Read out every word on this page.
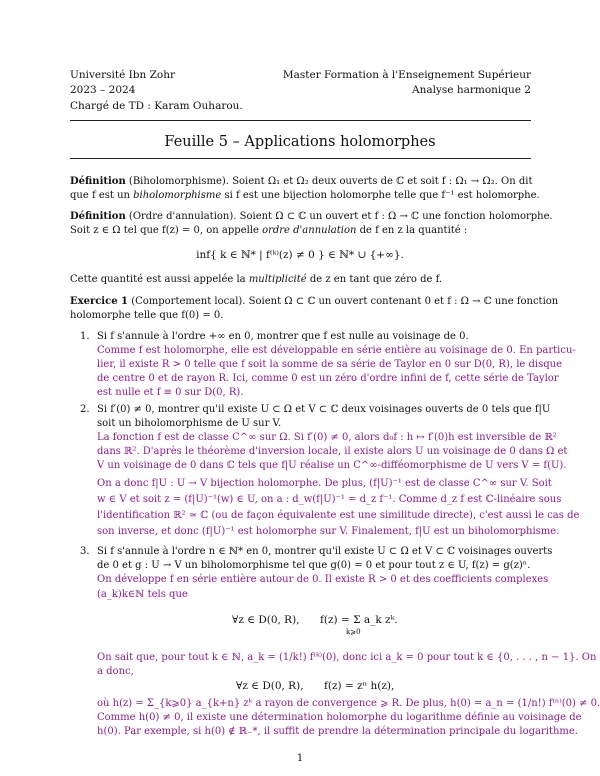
Université Ibn Zohr
2023 – 2024
Chargé de TD : Karam Ouharou.
Master Formation à l'Enseignement Supérieur
Analyse harmonique 2
Feuille 5 – Applications holomorphes
Définition (Biholomorphisme). Soient Ω₁ et Ω₂ deux ouverts de ℂ et soit f : Ω₁ → Ω₂. On dit
que f est un biholomorphisme si f est une bijection holomorphe telle que f⁻¹ est holomorphe.
Définition (Ordre d'annulation). Soient Ω ⊂ ℂ un ouvert et f : Ω → ℂ une fonction holomorphe.
Soit z ∈ Ω tel que f(z) = 0, on appelle ordre d'annulation de f en z la quantité :
inf{ k ∈ ℕ* | f⁽ᵏ⁾(z) ≠ 0 } ∈ ℕ* ∪ {+∞}.
Cette quantité est aussi appelée la multiplicité de z en tant que zéro de f.
Exercice 1 (Comportement local). Soient Ω ⊂ ℂ un ouvert contenant 0 et f : Ω → ℂ une fonction
holomorphe telle que f(0) = 0.
1. Si f s'annule à l'ordre +∞ en 0, montrer que f est nulle au voisinage de 0.
Comme f est holomorphe, elle est développable en série entière au voisinage de 0. En particu-
lier, il existe R > 0 telle que f soit la somme de sa série de Taylor en 0 sur D(0, R), le disque
de centre 0 et de rayon R. Ici, comme 0 est un zéro d'ordre infini de f, cette série de Taylor
est nulle et f ≡ 0 sur D(0, R).
2. Si f′(0) ≠ 0, montrer qu'il existe U ⊂ Ω et V ⊂ ℂ deux voisinages ouverts de 0 tels que f|U
soit un biholomorphisme de U sur V.
La fonction f est de classe C^∞ sur Ω. Si f′(0) ≠ 0, alors d₀f : h ↦ f′(0)h est inversible de ℝ²
dans ℝ². D'après le théorème d'inversion locale, il existe alors U un voisinage de 0 dans Ω et
V un voisinage de 0 dans ℂ tels que f|U réalise un C^∞-difféomorphisme de U vers V = f(U).
On a donc f|U : U → V bijection holomorphe. De plus, (f|U)⁻¹ est de classe C^∞ sur V. Soit
w ∈ V et soit z = (f|U)⁻¹(w) ∈ U, on a : d_w(f|U)⁻¹ = d_z f⁻¹. Comme d_z f est ℂ-linéaire sous
l'identification ℝ² ≃ ℂ (ou de façon équivalente est une similitude directe), c'est aussi le cas de
son inverse, et donc (f|U)⁻¹ est holomorphe sur V. Finalement, f|U est un biholomorphisme.
3. Si f s'annule à l'ordre n ∈ ℕ* en 0, montrer qu'il existe U ⊂ Ω et V ⊂ ℂ voisinages ouverts
de 0 et g : U → V un biholomorphisme tel que g(0) = 0 et pour tout z ∈ U, f(z) = g(z)ⁿ.
On développe f en série entière autour de 0. Il existe R > 0 et des coefficients complexes
(a_k)k∈ℕ tels que
∀z ∈ D(0, R), f(z) = Σ a_k zᵏ.
k⩾0
On sait que, pour tout k ∈ ℕ, a_k = (1/k!) f⁽ᵏ⁾(0), donc ici a_k = 0 pour tout k ∈ {0, . . . , n − 1}. On
a donc,
∀z ∈ D(0, R), f(z) = zⁿ h(z),
où h(z) = Σ_{k⩾0} a_{k+n} zᵏ a rayon de convergence ⩾ R. De plus, h(0) = a_n = (1/n!) f⁽ⁿ⁾(0) ≠ 0.
Comme h(0) ≠ 0, il existe une détermination holomorphe du logarithme définie au voisinage de
h(0). Par exemple, si h(0) ∉ ℝ₋*, il suffit de prendre la détermination principale du logarithme.
1
